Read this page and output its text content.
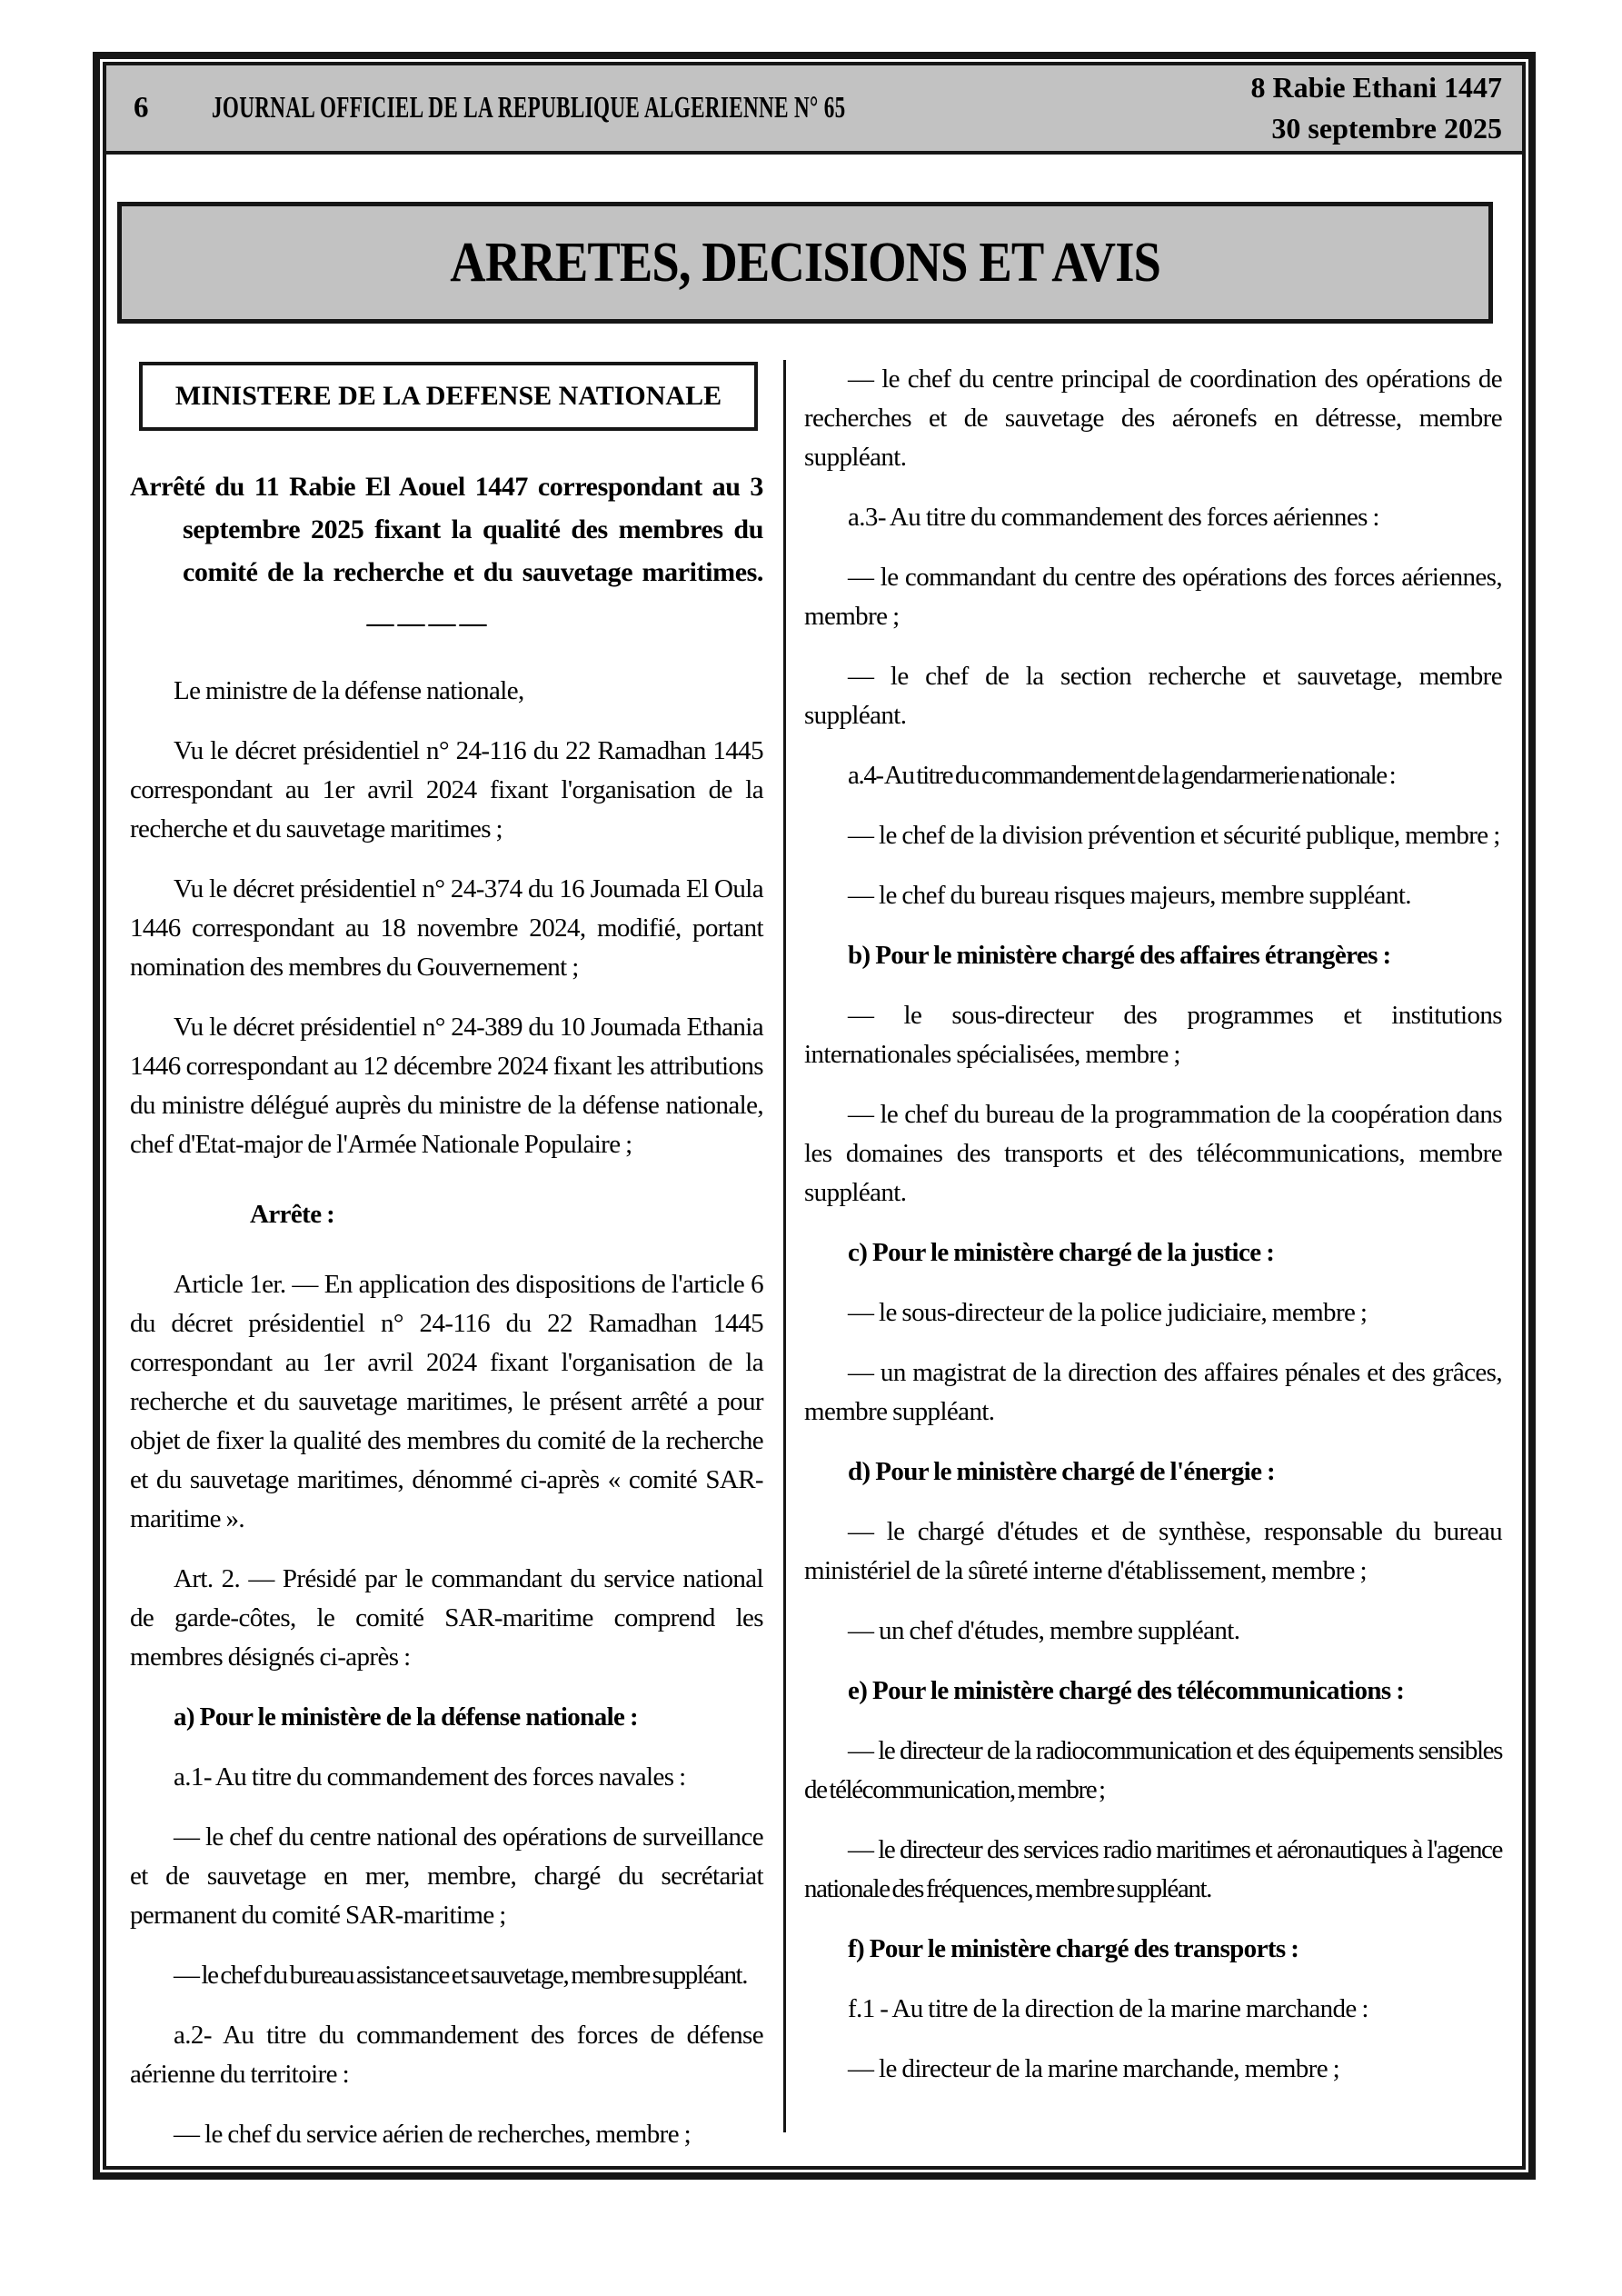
6 JOURNAL OFFICIEL DE LA REPUBLIQUE ALGERIENNE N° 65
8 Rabie Ethani 1447
30 septembre 2025
ARRETES, DECISIONS ET AVIS
MINISTERE DE LA DEFENSE NATIONALE

Arrêté du 11 Rabie El Aouel 1447 correspondant au 3 septembre 2025 fixant la qualité des membres du comité de la recherche et du sauvetage maritimes.

————

Le ministre de la défense nationale,

Vu le décret présidentiel n° 24-116 du 22 Ramadhan 1445 correspondant au 1er avril 2024 fixant l'organisation de la recherche et du sauvetage maritimes ;

Vu le décret présidentiel n° 24-374 du 16 Joumada El Oula 1446 correspondant au 18 novembre 2024, modifié, portant nomination des membres du Gouvernement ;

Vu le décret présidentiel n° 24-389 du 10 Joumada Ethania 1446 correspondant au 12 décembre 2024 fixant les attributions du ministre délégué auprès du ministre de la défense nationale, chef d'Etat-major de l'Armée Nationale Populaire ;

Arrête :

Article 1er. — En application des dispositions de l'article 6 du décret présidentiel n° 24-116 du 22 Ramadhan 1445 correspondant au 1er avril 2024 fixant l'organisation de la recherche et du sauvetage maritimes, le présent arrêté a pour objet de fixer la qualité des membres du comité de la recherche et du sauvetage maritimes, dénommé ci-après « comité SAR-maritime ».

Art. 2. — Présidé par le commandant du service national de garde-côtes, le comité SAR-maritime comprend les membres désignés ci-après :

a) Pour le ministère de la défense nationale :

a.1- Au titre du commandement des forces navales :

— le chef du centre national des opérations de surveillance et de sauvetage en mer, membre, chargé du secrétariat permanent du comité SAR-maritime ;

— le chef du bureau assistance et sauvetage, membre suppléant.

a.2- Au titre du commandement des forces de défense aérienne du territoire :

— le chef du service aérien de recherches, membre ;

— le chef du centre principal de coordination des opérations de recherches et de sauvetage des aéronefs en détresse, membre suppléant.

a.3- Au titre du commandement des forces aériennes :

— le commandant du centre des opérations des forces aériennes, membre ;

— le chef de la section recherche et sauvetage, membre suppléant.

a.4- Au titre du commandement de la gendarmerie nationale :

— le chef de la division prévention et sécurité publique, membre ;

— le chef du bureau risques majeurs, membre suppléant.

b) Pour le ministère chargé des affaires étrangères :

— le sous-directeur des programmes et institutions internationales spécialisées, membre ;

— le chef du bureau de la programmation de la coopération dans les domaines des transports et des télécommunications, membre suppléant.

c) Pour le ministère chargé de la justice :

— le sous-directeur de la police judiciaire, membre ;

— un magistrat de la direction des affaires pénales et des grâces, membre suppléant.

d) Pour le ministère chargé de l'énergie :

— le chargé d'études et de synthèse, responsable du bureau ministériel de la sûreté interne d'établissement, membre ;

— un chef d'études, membre suppléant.

e) Pour le ministère chargé des télécommunications :

— le directeur de la radiocommunication et des équipements sensibles de télécommunication, membre ;

— le directeur des services radio maritimes et aéronautiques à l'agence nationale des fréquences, membre suppléant.

f) Pour le ministère chargé des transports :

f.1 - Au titre de la direction de la marine marchande :

— le directeur de la marine marchande, membre ;
